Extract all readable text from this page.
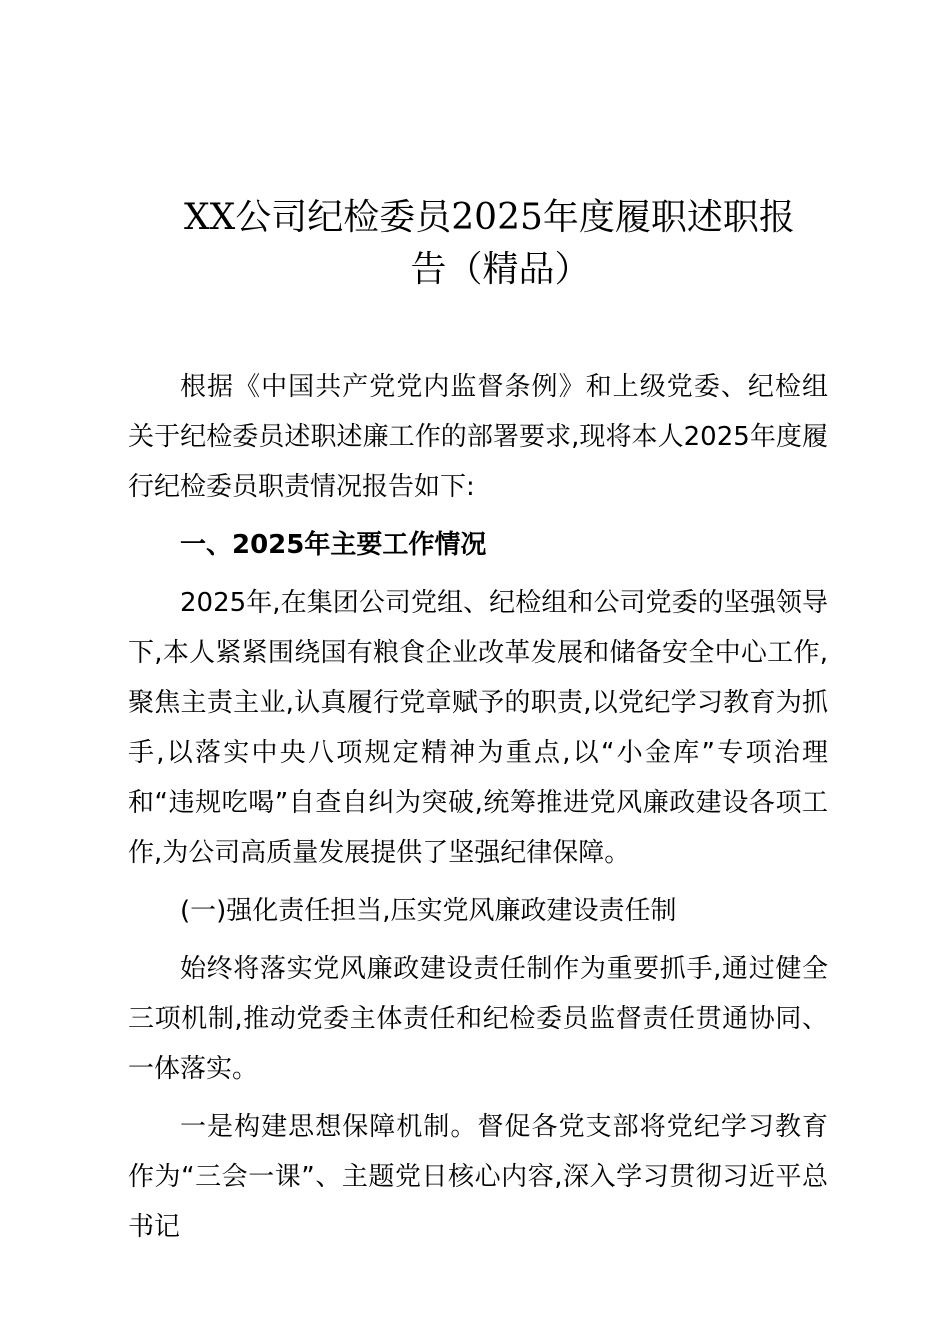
XX公司纪检委员2025年度履职述职报
告（精品）

根据《中国共产党党内监督条例》和上级党委、纪检组关于纪检委员述职述廉工作的部署要求,现将本人2025年度履行纪检委员职责情况报告如下:

一、2025年主要工作情况

2025年,在集团公司党组、纪检组和公司党委的坚强领导下,本人紧紧围绕国有粮食企业改革发展和储备安全中心工作,聚焦主责主业,认真履行党章赋予的职责,以党纪学习教育为抓手,以落实中央八项规定精神为重点,以“小金库”专项治理和“违规吃喝”自查自纠为突破,统筹推进党风廉政建设各项工作,为公司高质量发展提供了坚强纪律保障。

(一)强化责任担当,压实党风廉政建设责任制

始终将落实党风廉政建设责任制作为重要抓手,通过健全三项机制,推动党委主体责任和纪检委员监督责任贯通协同、一体落实。

一是构建思想保障机制。督促各党支部将党纪学习教育作为“三会一课”、主题党日核心内容,深入学习贯彻习近平总书记
